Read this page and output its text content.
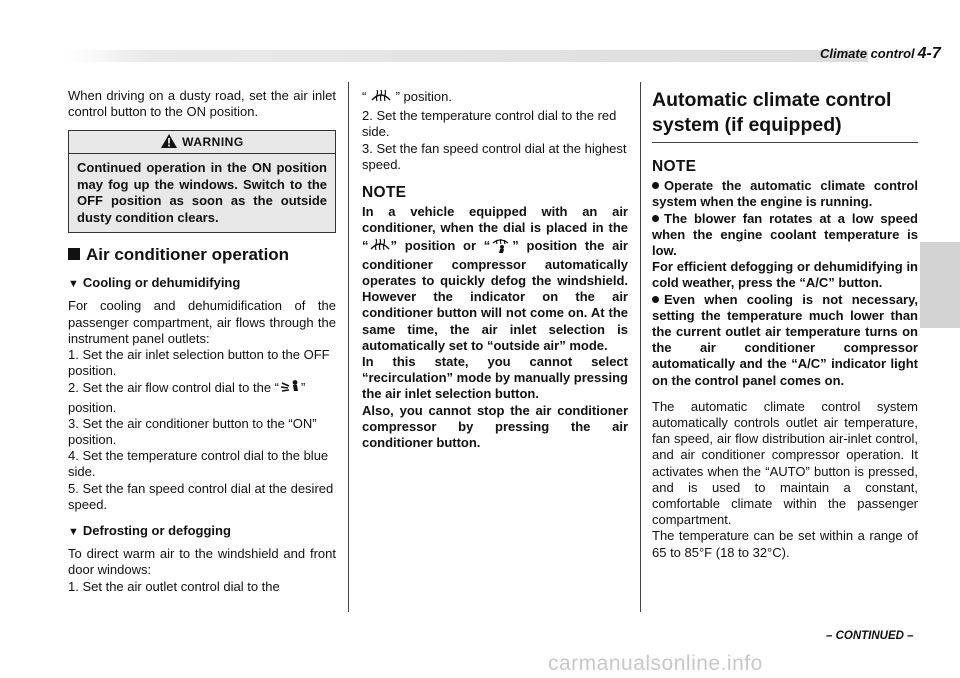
Climate control 4-7

When driving on a dusty road, set the air inlet control button to the ON position.

WARNING
Continued operation in the ON position may fog up the windows. Switch to the OFF position as soon as the outside dusty condition clears.
Air conditioner operation
▼ Cooling or dehumidifying

For cooling and dehumidification of the passenger compartment, air flows through the instrument panel outlets:

1. Set the air inlet selection button to the OFF position.

2. Set the air flow control dial to the “ ” position.

3. Set the air conditioner button to the “ON” position.

4. Set the temperature control dial to the blue side.

5. Set the fan speed control dial at the desired speed.

▼ Defrosting or defogging

To direct warm air to the windshield and front door windows:

1. Set the air outlet control dial to the

“ ” position.

2. Set the temperature control dial to the red side.

3. Set the fan speed control dial at the highest speed.

NOTE

In a vehicle equipped with an air conditioner, when the dial is placed in the “ ” position or “ ” position the air conditioner compressor automatically operates to quickly defog the windshield. However the indicator on the air conditioner button will not come on. At the same time, the air inlet selection is automatically set to “outside air” mode.

In this state, you cannot select “recirculation” mode by manually pressing the air inlet selection button.

Also, you cannot stop the air conditioner compressor by pressing the air conditioner button.

Automatic climate control system (if equipped)
NOTE

Operate the automatic climate control system when the engine is running.

The blower fan rotates at a low speed when the engine coolant temperature is low.

For efficient defogging or dehumidifying in cold weather, press the “A/C” button.

Even when cooling is not necessary, setting the temperature much lower than the current outlet air temperature turns on the air conditioner compressor automatically and the “A/C” indicator light on the control panel comes on.

The automatic climate control system automatically controls outlet air temperature, fan speed, air flow distribution air-inlet control, and air conditioner compressor operation. It activates when the “AUTO” button is pressed, and is used to maintain a constant, comfortable climate within the passenger compartment.

The temperature can be set within a range of 65 to 85°F (18 to 32°C).

– CONTINUED –
carmanualsonline.info
